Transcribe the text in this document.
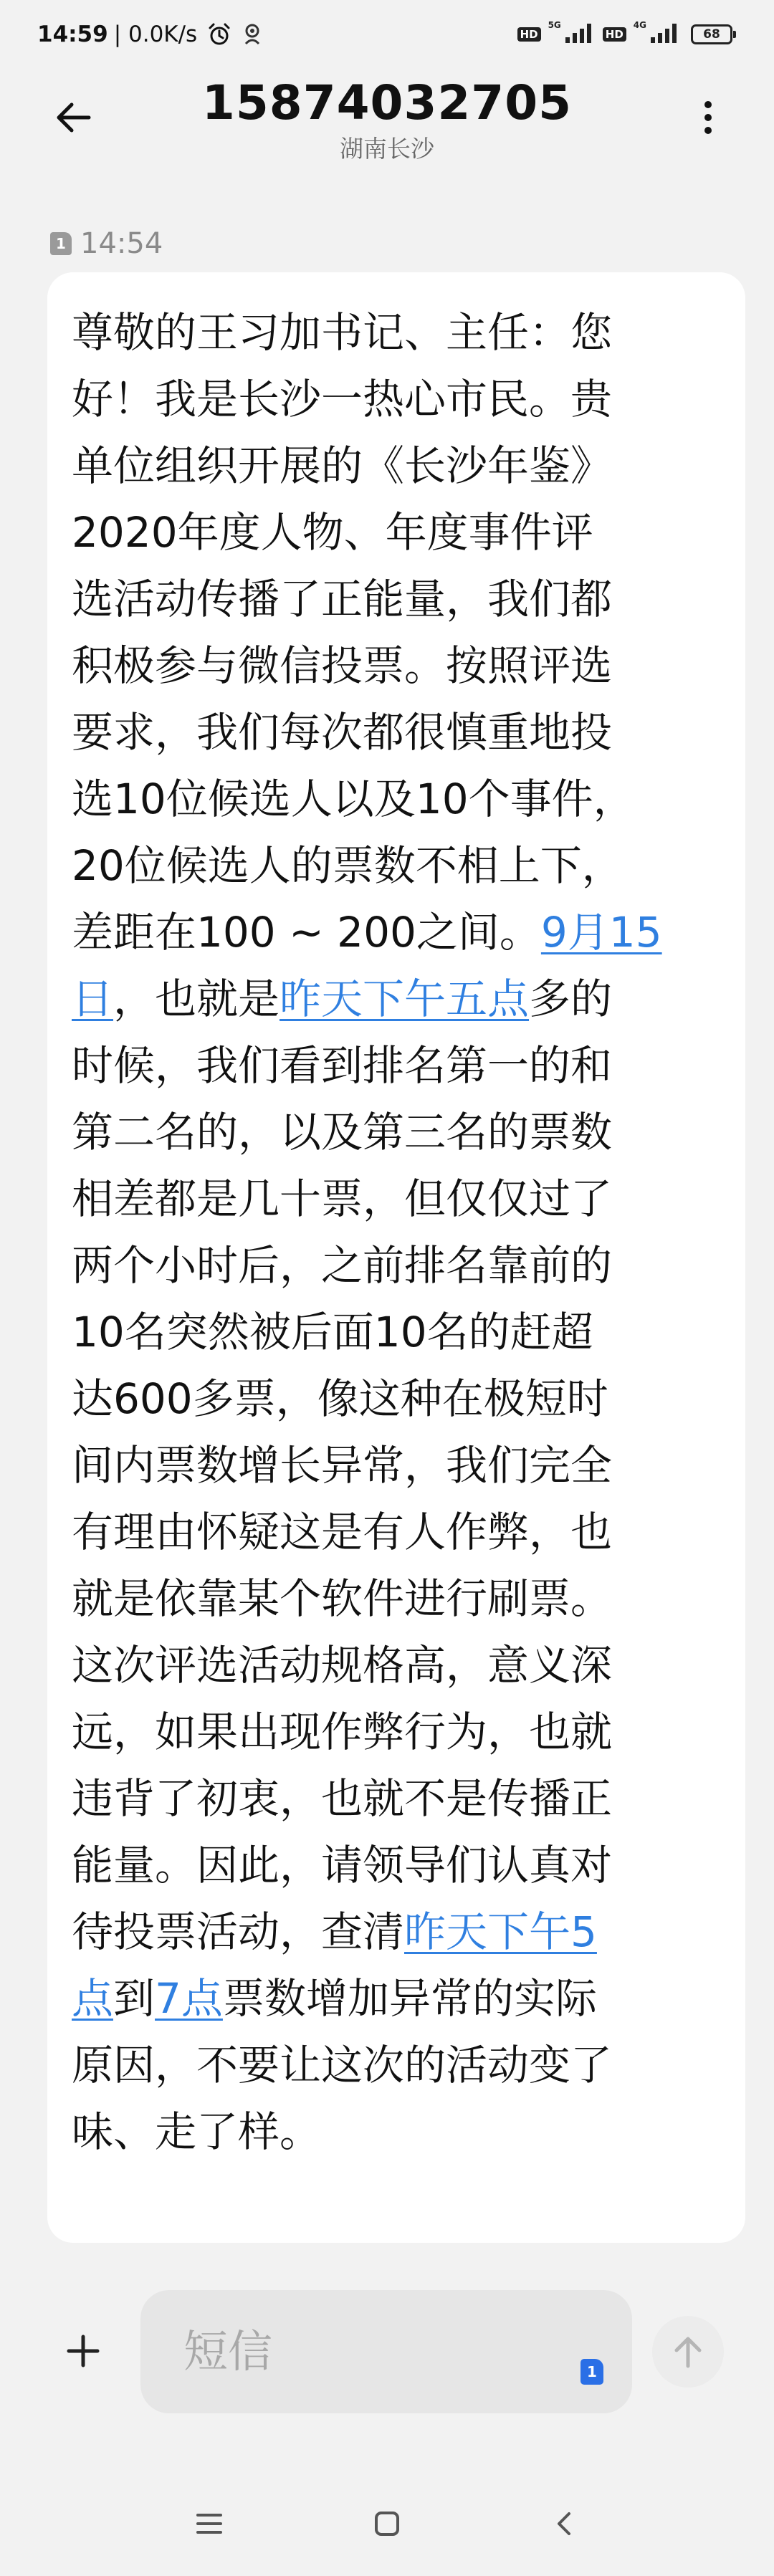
14:59 | 0.0K/s	HD
5G
HD
4G
68
15874032705
湖南长沙
1 14:54
尊敬的王习加书记、主任：您
好！我是长沙一热心市民。贵
单位组织开展的《长沙年鉴》
2020年度人物、年度事件评
选活动传播了正能量，我们都
积极参与微信投票。按照评选
要求，我们每次都很慎重地投
选10位候选人以及10个事件，
20位候选人的票数不相上下，
差距在100 ~ 200之间。9月15
日，也就是昨天下午五点多的
时候，我们看到排名第一的和
第二名的，以及第三名的票数
相差都是几十票，但仅仅过了
两个小时后，之前排名靠前的
10名突然被后面10名的赶超
达600多票，像这种在极短时
间内票数增长异常，我们完全
有理由怀疑这是有人作弊，也
就是依靠某个软件进行刷票。
这次评选活动规格高，意义深
远，如果出现作弊行为，也就
违背了初衷，也就不是传播正
能量。因此，请领导们认真对
待投票活动，查清昨天下午5
点到7点票数增加异常的实际
原因，不要让这次的活动变了
味、走了样。
短信	1
